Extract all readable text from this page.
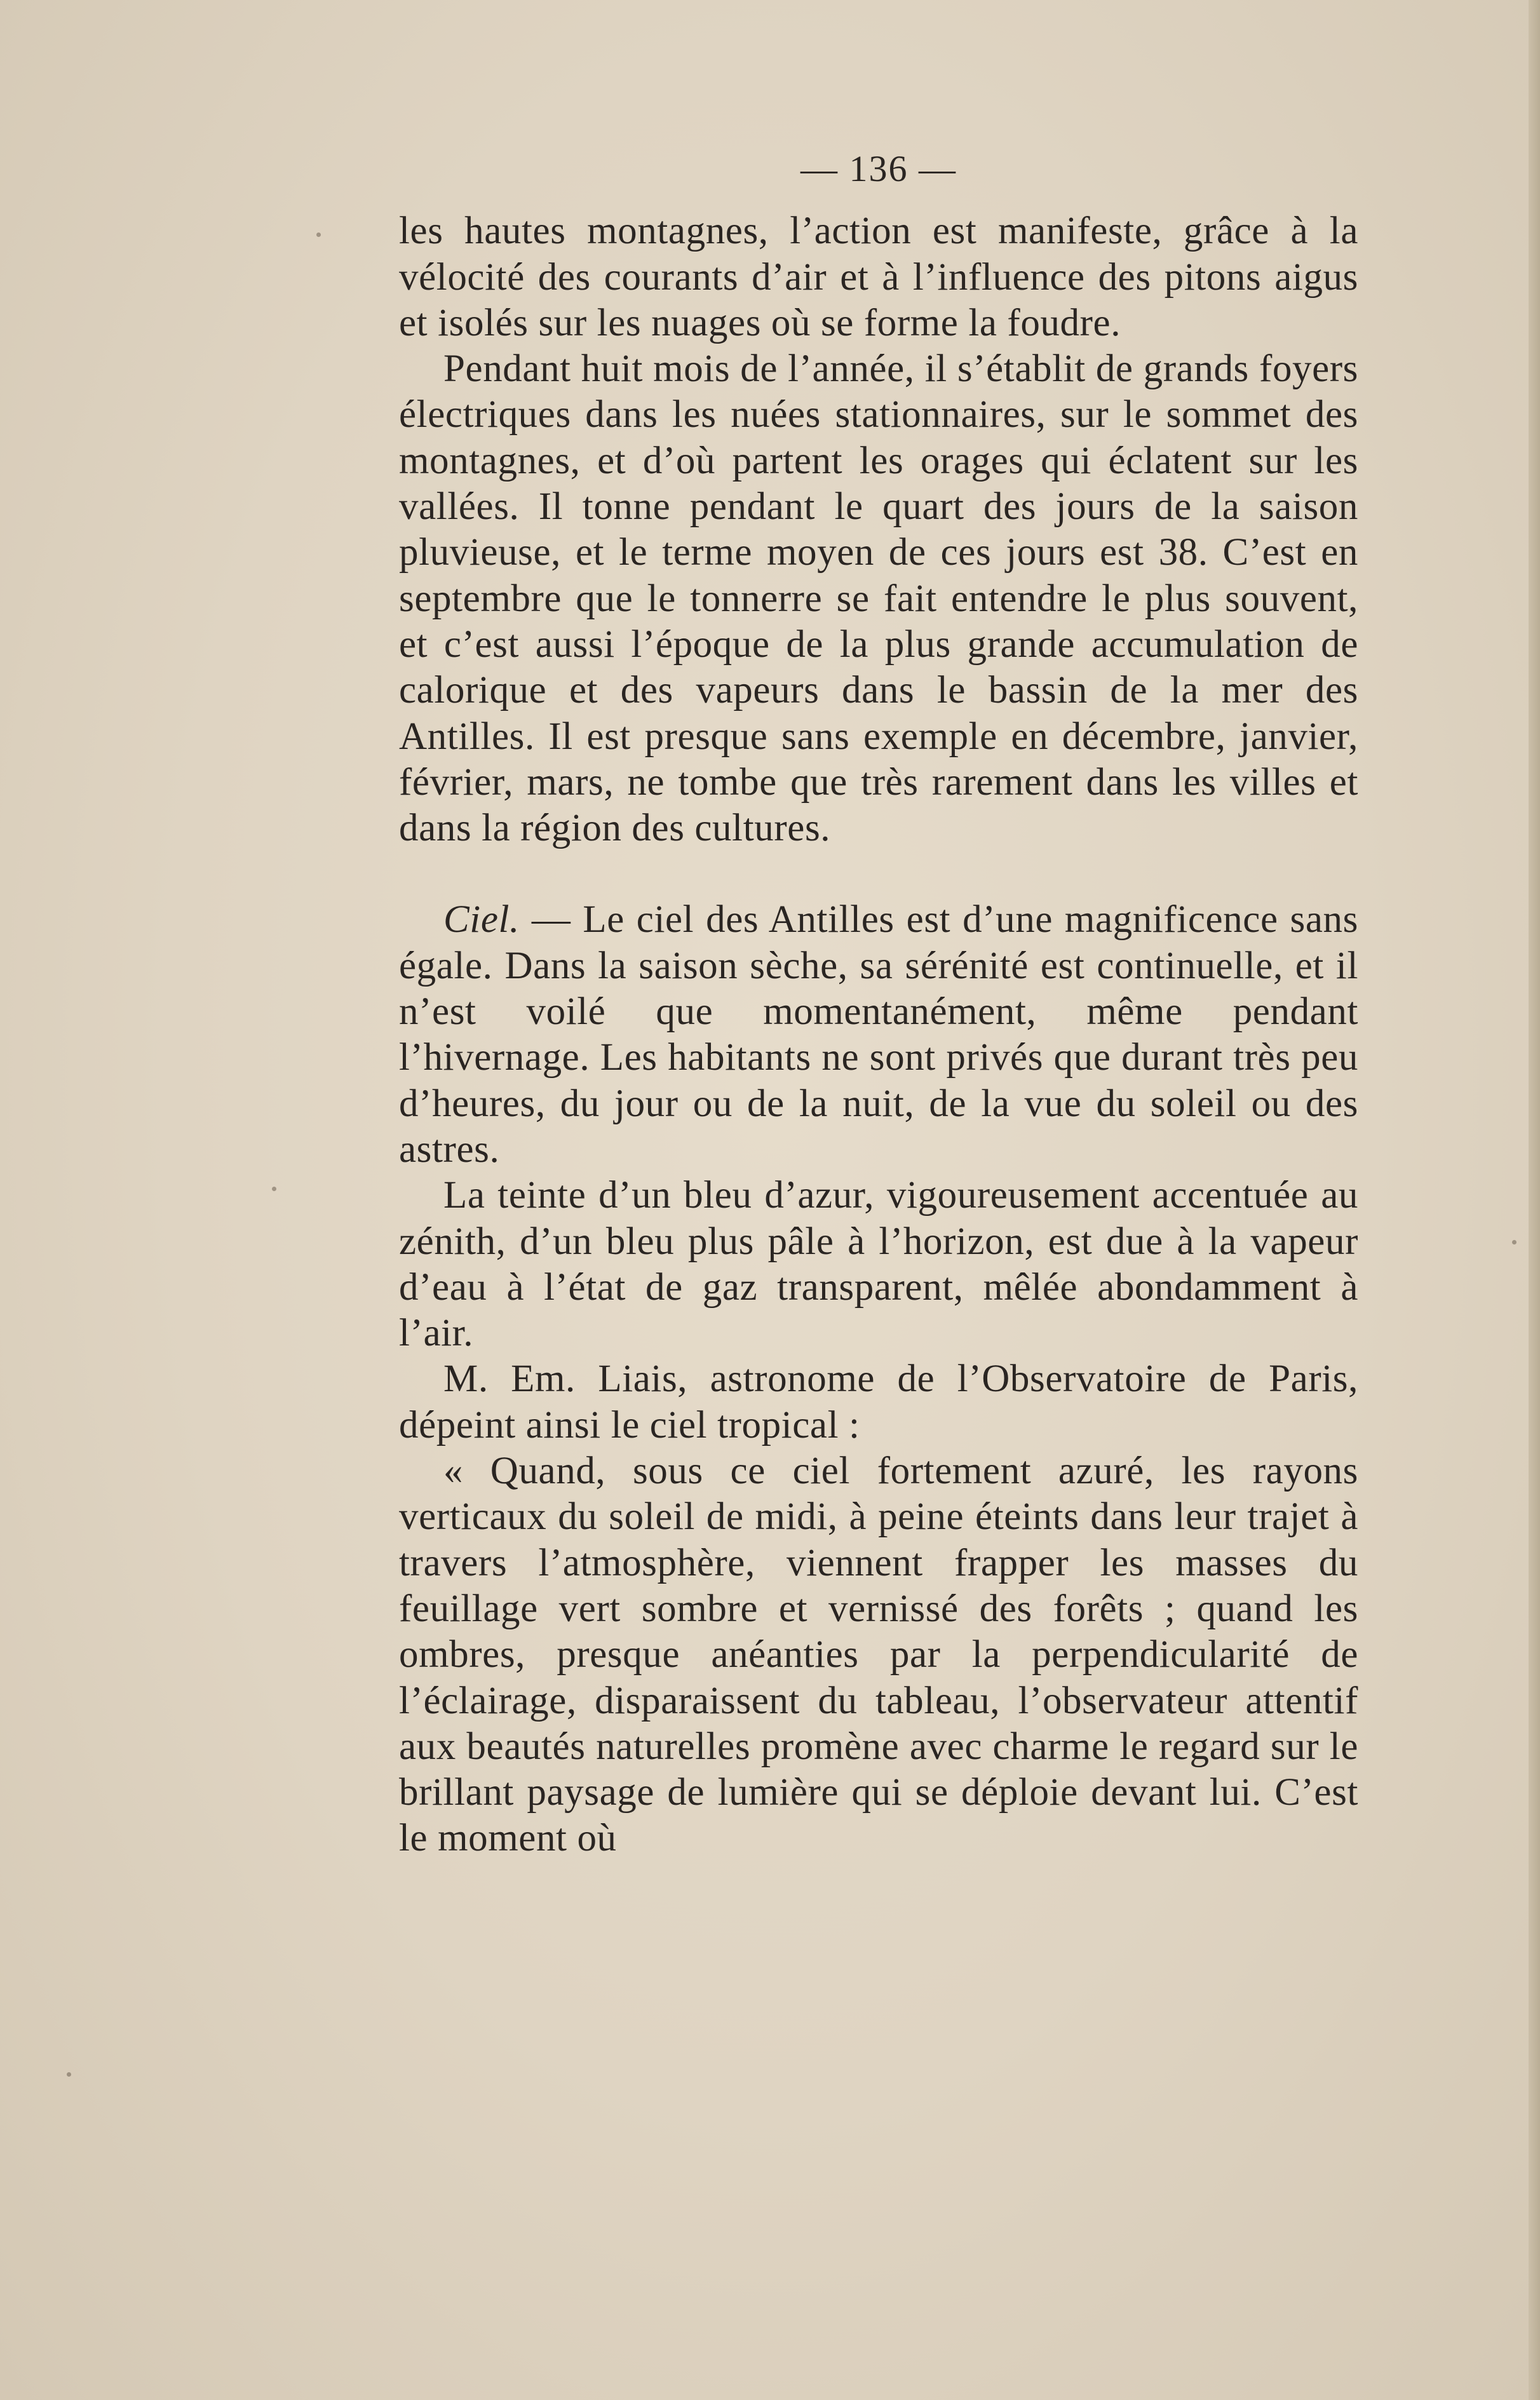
— 136 —

les hautes montagnes, l’action est manifeste, grâce à la vélocité des courants d’air et à l’influence des pitons aigus et isolés sur les nuages où se forme la foudre.

Pendant huit mois de l’année, il s’établit de grands foyers électriques dans les nuées stationnaires, sur le sommet des montagnes, et d’où partent les orages qui éclatent sur les vallées. Il tonne pendant le quart des jours de la saison pluvieuse, et le terme moyen de ces jours est 38. C’est en septembre que le tonnerre se fait entendre le plus souvent, et c’est aussi l’époque de la plus grande accumulation de calorique et des vapeurs dans le bassin de la mer des Antilles. Il est presque sans exemple en décembre, janvier, février, mars, ne tombe que très rarement dans les villes et dans la région des cultures.

Ciel. — Le ciel des Antilles est d’une magnificence sans égale. Dans la saison sèche, sa sérénité est continuelle, et il n’est voilé que momentanément, même pendant l’hivernage. Les habitants ne sont privés que durant très peu d’heures, du jour ou de la nuit, de la vue du soleil ou des astres.

La teinte d’un bleu d’azur, vigoureusement accentuée au zénith, d’un bleu plus pâle à l’horizon, est due à la vapeur d’eau à l’état de gaz transparent, mêlée abondamment à l’air.

M. Em. Liais, astronome de l’Observatoire de Paris, dépeint ainsi le ciel tropical :

« Quand, sous ce ciel fortement azuré, les rayons verticaux du soleil de midi, à peine éteints dans leur trajet à travers l’atmosphère, viennent frapper les masses du feuillage vert sombre et vernissé des forêts ; quand les ombres, presque anéanties par la perpendicularité de l’éclairage, disparaissent du tableau, l’observateur attentif aux beautés naturelles promène avec charme le regard sur le brillant paysage de lumière qui se déploie devant lui. C’est le moment où
